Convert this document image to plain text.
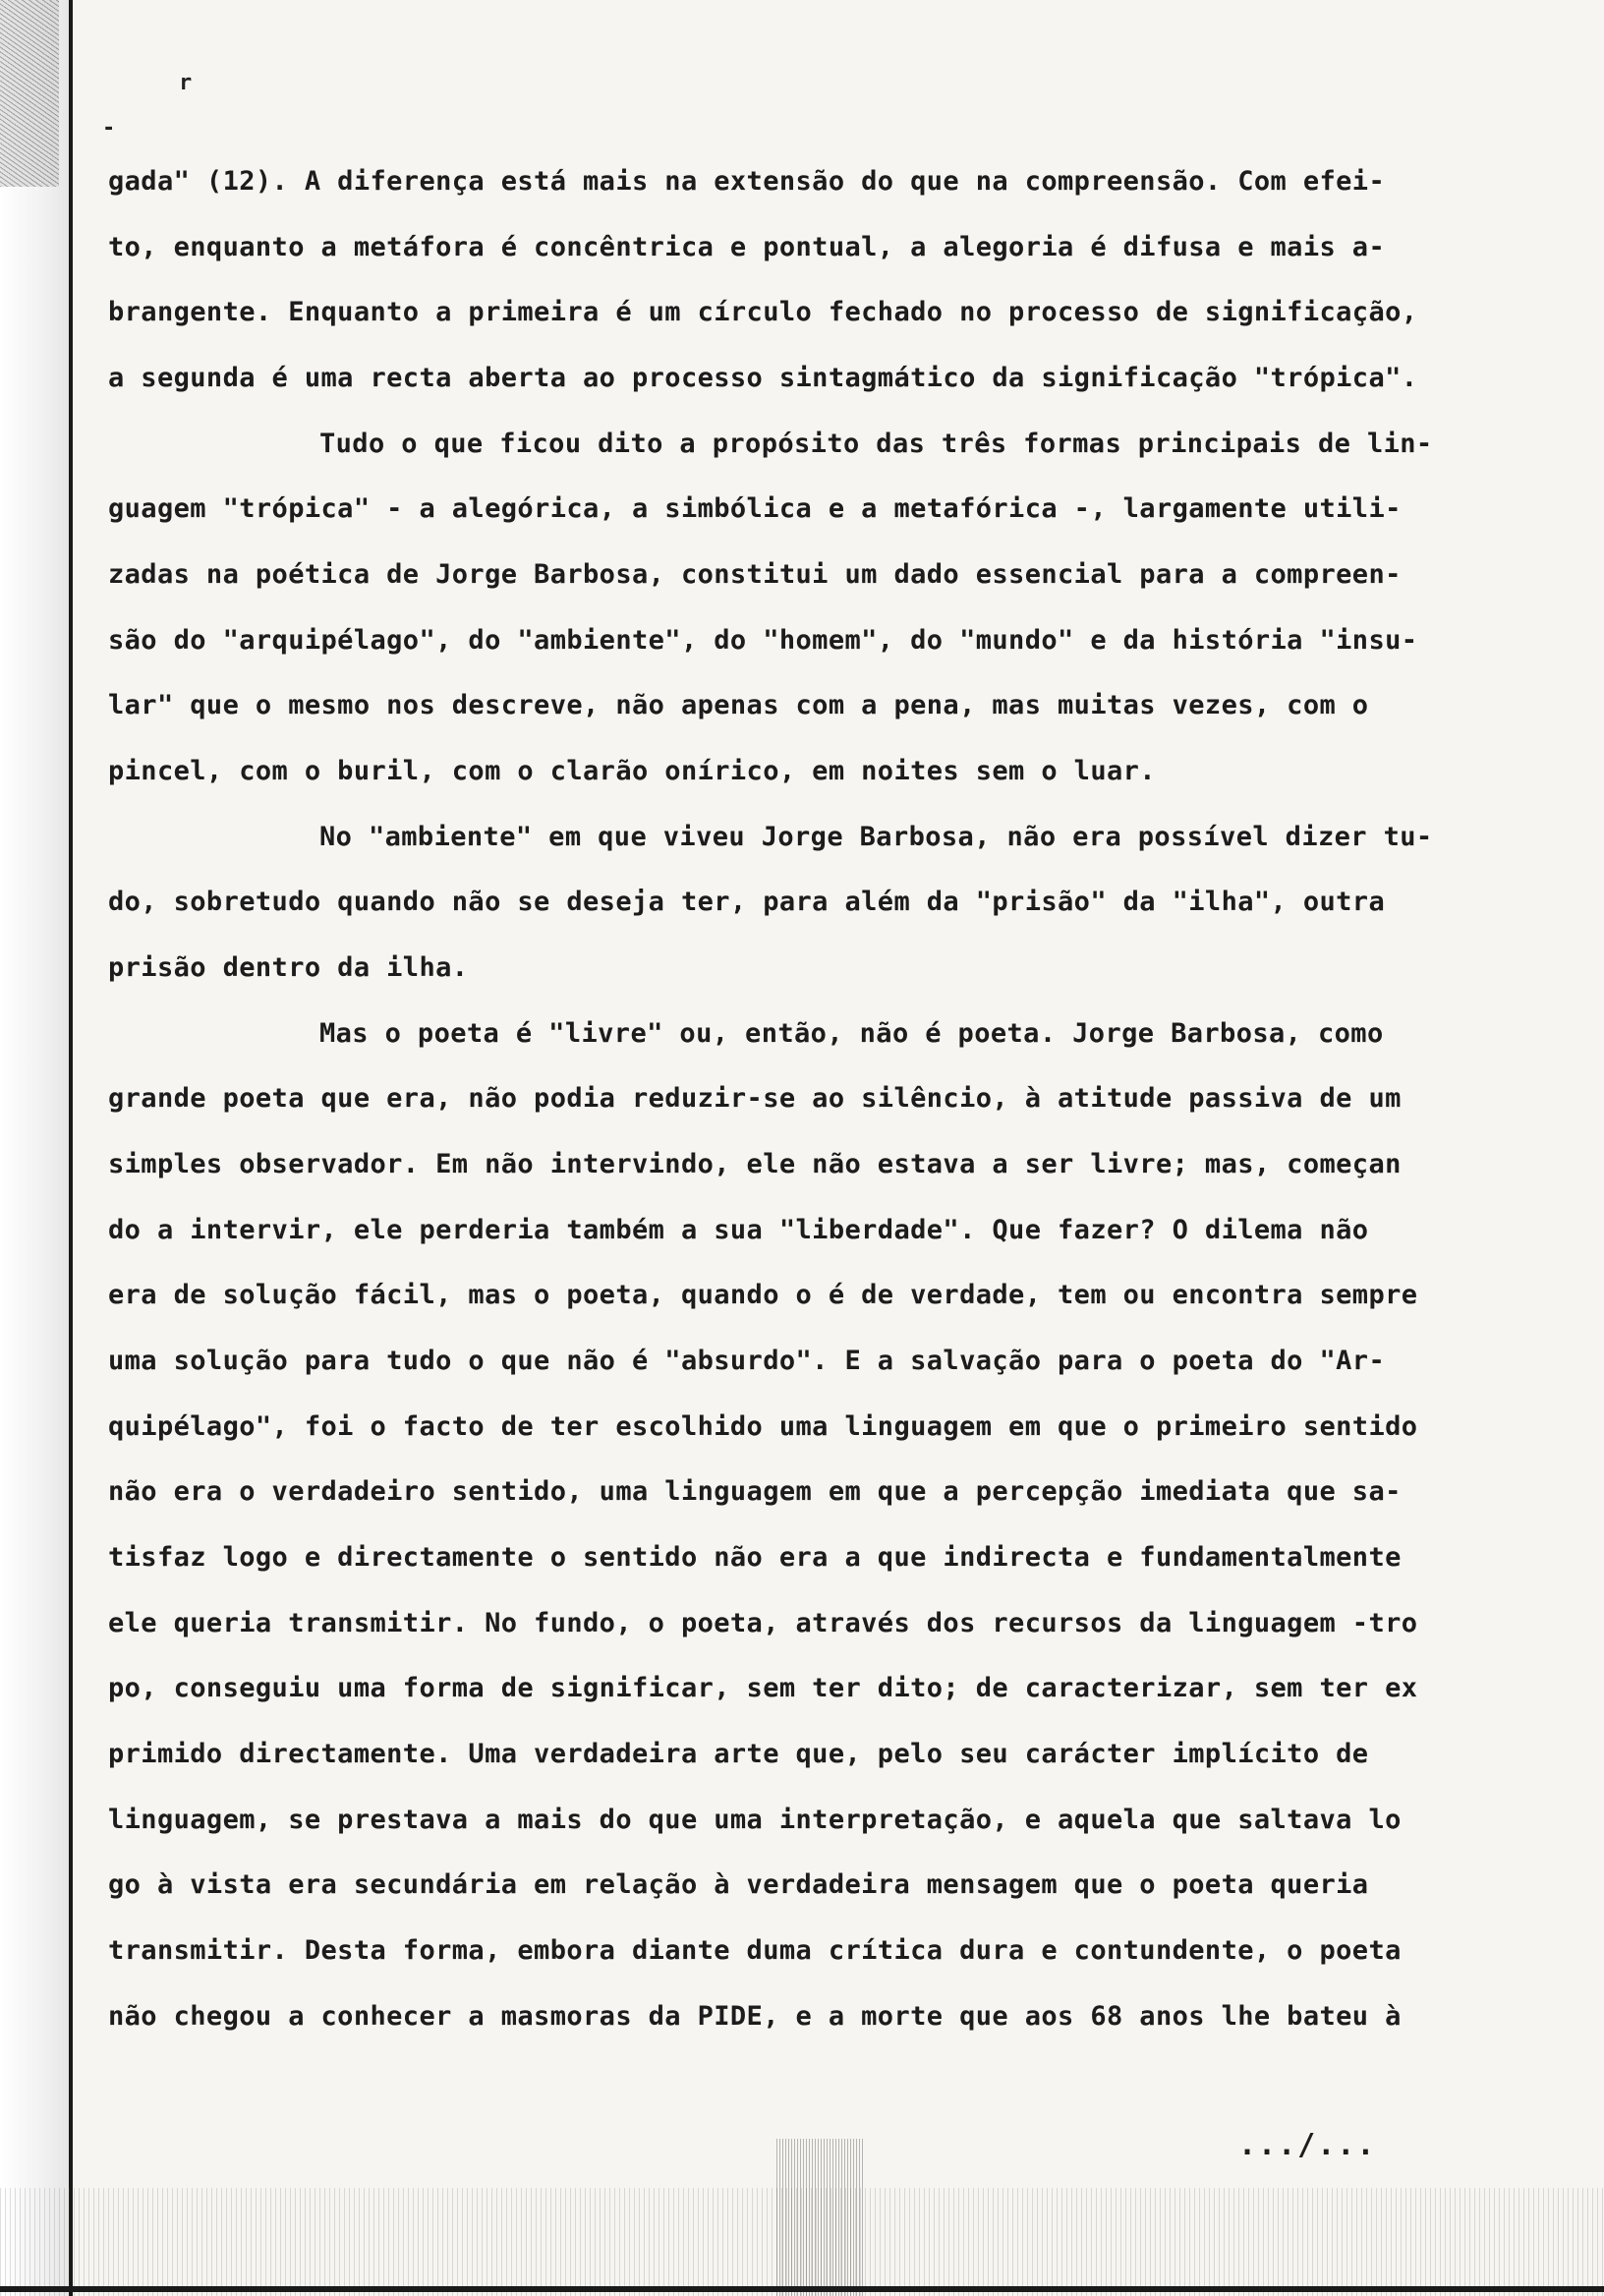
r
-
gada" (12). A diferença está mais na extensão do que na compreensão. Com efei-
to, enquanto a metáfora é concêntrica e pontual, a alegoria é difusa e mais a-
brangente. Enquanto a primeira é um círculo fechado no processo de significação,
a segunda é uma recta aberta ao processo sintagmático da significação "trópica".
Tudo o que ficou dito a propósito das três formas principais de lin-
guagem "trópica" - a alegórica, a simbólica e a metafórica -, largamente utili-
zadas na poética de Jorge Barbosa, constitui um dado essencial para a compreen-
são do "arquipélago", do "ambiente", do "homem", do "mundo" e da história "insu-
lar" que o mesmo nos descreve, não apenas com a pena, mas muitas vezes, com o
pincel, com o buril, com o clarão onírico, em noites sem o luar.
No "ambiente" em que viveu Jorge Barbosa, não era possível dizer tu-
do, sobretudo quando não se deseja ter, para além da "prisão" da "ilha", outra
prisão dentro da ilha.
Mas o poeta é "livre" ou, então, não é poeta. Jorge Barbosa, como
grande poeta que era, não podia reduzir-se ao silêncio, à atitude passiva de um
simples observador. Em não intervindo, ele não estava a ser livre; mas, começan
do a intervir, ele perderia também a sua "liberdade". Que fazer? O dilema não
era de solução fácil, mas o poeta, quando o é de verdade, tem ou encontra sempre
uma solução para tudo o que não é "absurdo". E a salvação para o poeta do "Ar-
quipélago", foi o facto de ter escolhido uma linguagem em que o primeiro sentido
não era o verdadeiro sentido, uma linguagem em que a percepção imediata que sa-
tisfaz logo e directamente o sentido não era a que indirecta e fundamentalmente
ele queria transmitir. No fundo, o poeta, através dos recursos da linguagem -tro
po, conseguiu uma forma de significar, sem ter dito; de caracterizar, sem ter ex
primido directamente. Uma verdadeira arte que, pelo seu carácter implícito de
linguagem, se prestava a mais do que uma interpretação, e aquela que saltava lo
go à vista era secundária em relação à verdadeira mensagem que o poeta queria
transmitir. Desta forma, embora diante duma crítica dura e contundente, o poeta
não chegou a conhecer a masmoras da PIDE, e a morte que aos 68 anos lhe bateu à
.../...
